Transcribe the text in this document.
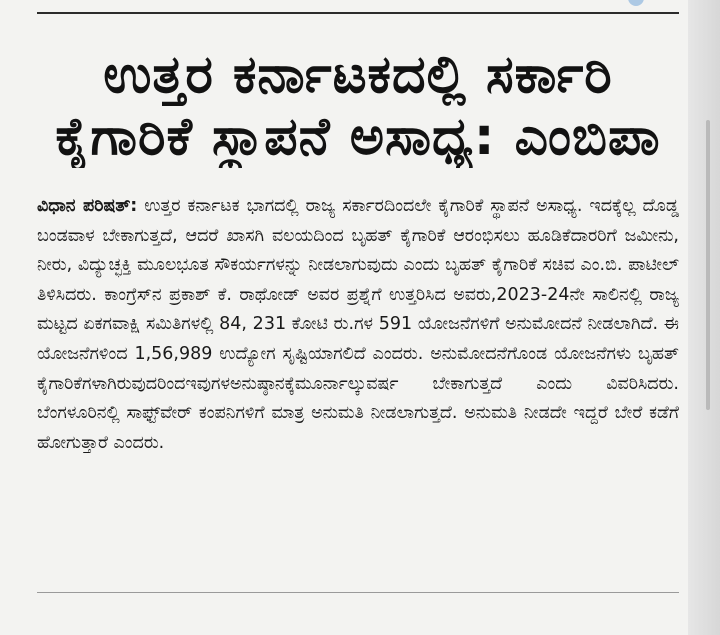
ಉತ್ತರ ಕರ್ನಾಟಕದಲ್ಲಿ ಸರ್ಕಾರಿ
ಕೈಗಾರಿಕೆ ಸ್ಥಾಪನೆ ಅಸಾಧ್ಯ: ಎಂಬಿಪಾ

ವಿಧಾನ ಪರಿಷತ್: ಉತ್ತರ ಕರ್ನಾಟಕ ಭಾಗದಲ್ಲಿ ರಾಜ್ಯ ಸರ್ಕಾರದಿಂದಲೇ ಕೈಗಾರಿಕೆ ಸ್ಥಾಪನೆ ಅಸಾಧ್ಯ. ಇದಕ್ಕೆಲ್ಲ ದೊಡ್ಡ ಬಂಡವಾಳ ಬೇಕಾಗುತ್ತದೆ, ಆದರೆ ಖಾಸಗಿ ವಲಯದಿಂದ ಬೃಹತ್ ಕೈಗಾರಿಕೆ ಆರಂಭಿಸಲು ಹೂಡಿಕೆದಾರರಿಗೆ ಜಮೀನು, ನೀರು, ವಿದ್ಯುಚ್ಛಕ್ತಿ ಮೂಲಭೂತ ಸೌಕರ್ಯಗಳನ್ನು ನೀಡಲಾಗುವುದು ಎಂದು ಬೃಹತ್ ಕೈಗಾರಿಕೆ ಸಚಿವ ಎಂ.ಬಿ. ಪಾಟೀಲ್ ತಿಳಿಸಿದರು. ಕಾಂಗ್ರೆಸ್‌ನ ಪ್ರಕಾಶ್ ಕೆ. ರಾಥೋಡ್ ಅವರ ಪ್ರಶ್ನೆಗೆ ಉತ್ತರಿಸಿದ ಅವರು,2023-24ನೇ ಸಾಲಿನಲ್ಲಿ ರಾಜ್ಯ ಮಟ್ಟದ ಏಕಗವಾಕ್ಷಿ ಸಮಿತಿಗಳಲ್ಲಿ 84, 231 ಕೋಟಿ ರು.ಗಳ 591 ಯೋಜನೆಗಳಿಗೆ ಅನುಮೋದನೆ ನೀಡಲಾಗಿದೆ. ಈ ಯೋಜನೆಗಳಿಂದ 1,56,989 ಉದ್ಯೋಗ ಸೃಷ್ಟಿಯಾಗಲಿದೆ ಎಂದರು. ಅನುಮೋದನೆಗೊಂಡ ಯೋಜನೆಗಳು ಬೃಹತ್ ಕೈಗಾರಿಕೆಗಳಾಗಿರುವುದರಿಂದಇವುಗಳಅನುಷ್ಠಾನಕ್ಕೆಮೂರ್ನಾಲ್ಕುವರ್ಷ ಬೇಕಾಗುತ್ತದೆ ಎಂದು ವಿವರಿಸಿದರು. ಬೆಂಗಳೂರಿನಲ್ಲಿ ಸಾಫ್ಟ್‌ವೇರ್ ಕಂಪನಿಗಳಿಗೆ ಮಾತ್ರ ಅನುಮತಿ ನೀಡಲಾಗುತ್ತದೆ. ಅನುಮತಿ ನೀಡದೇ ಇದ್ದರೆ ಬೇರೆ ಕಡೆಗೆ ಹೋಗುತ್ತಾರೆ ಎಂದರು.
